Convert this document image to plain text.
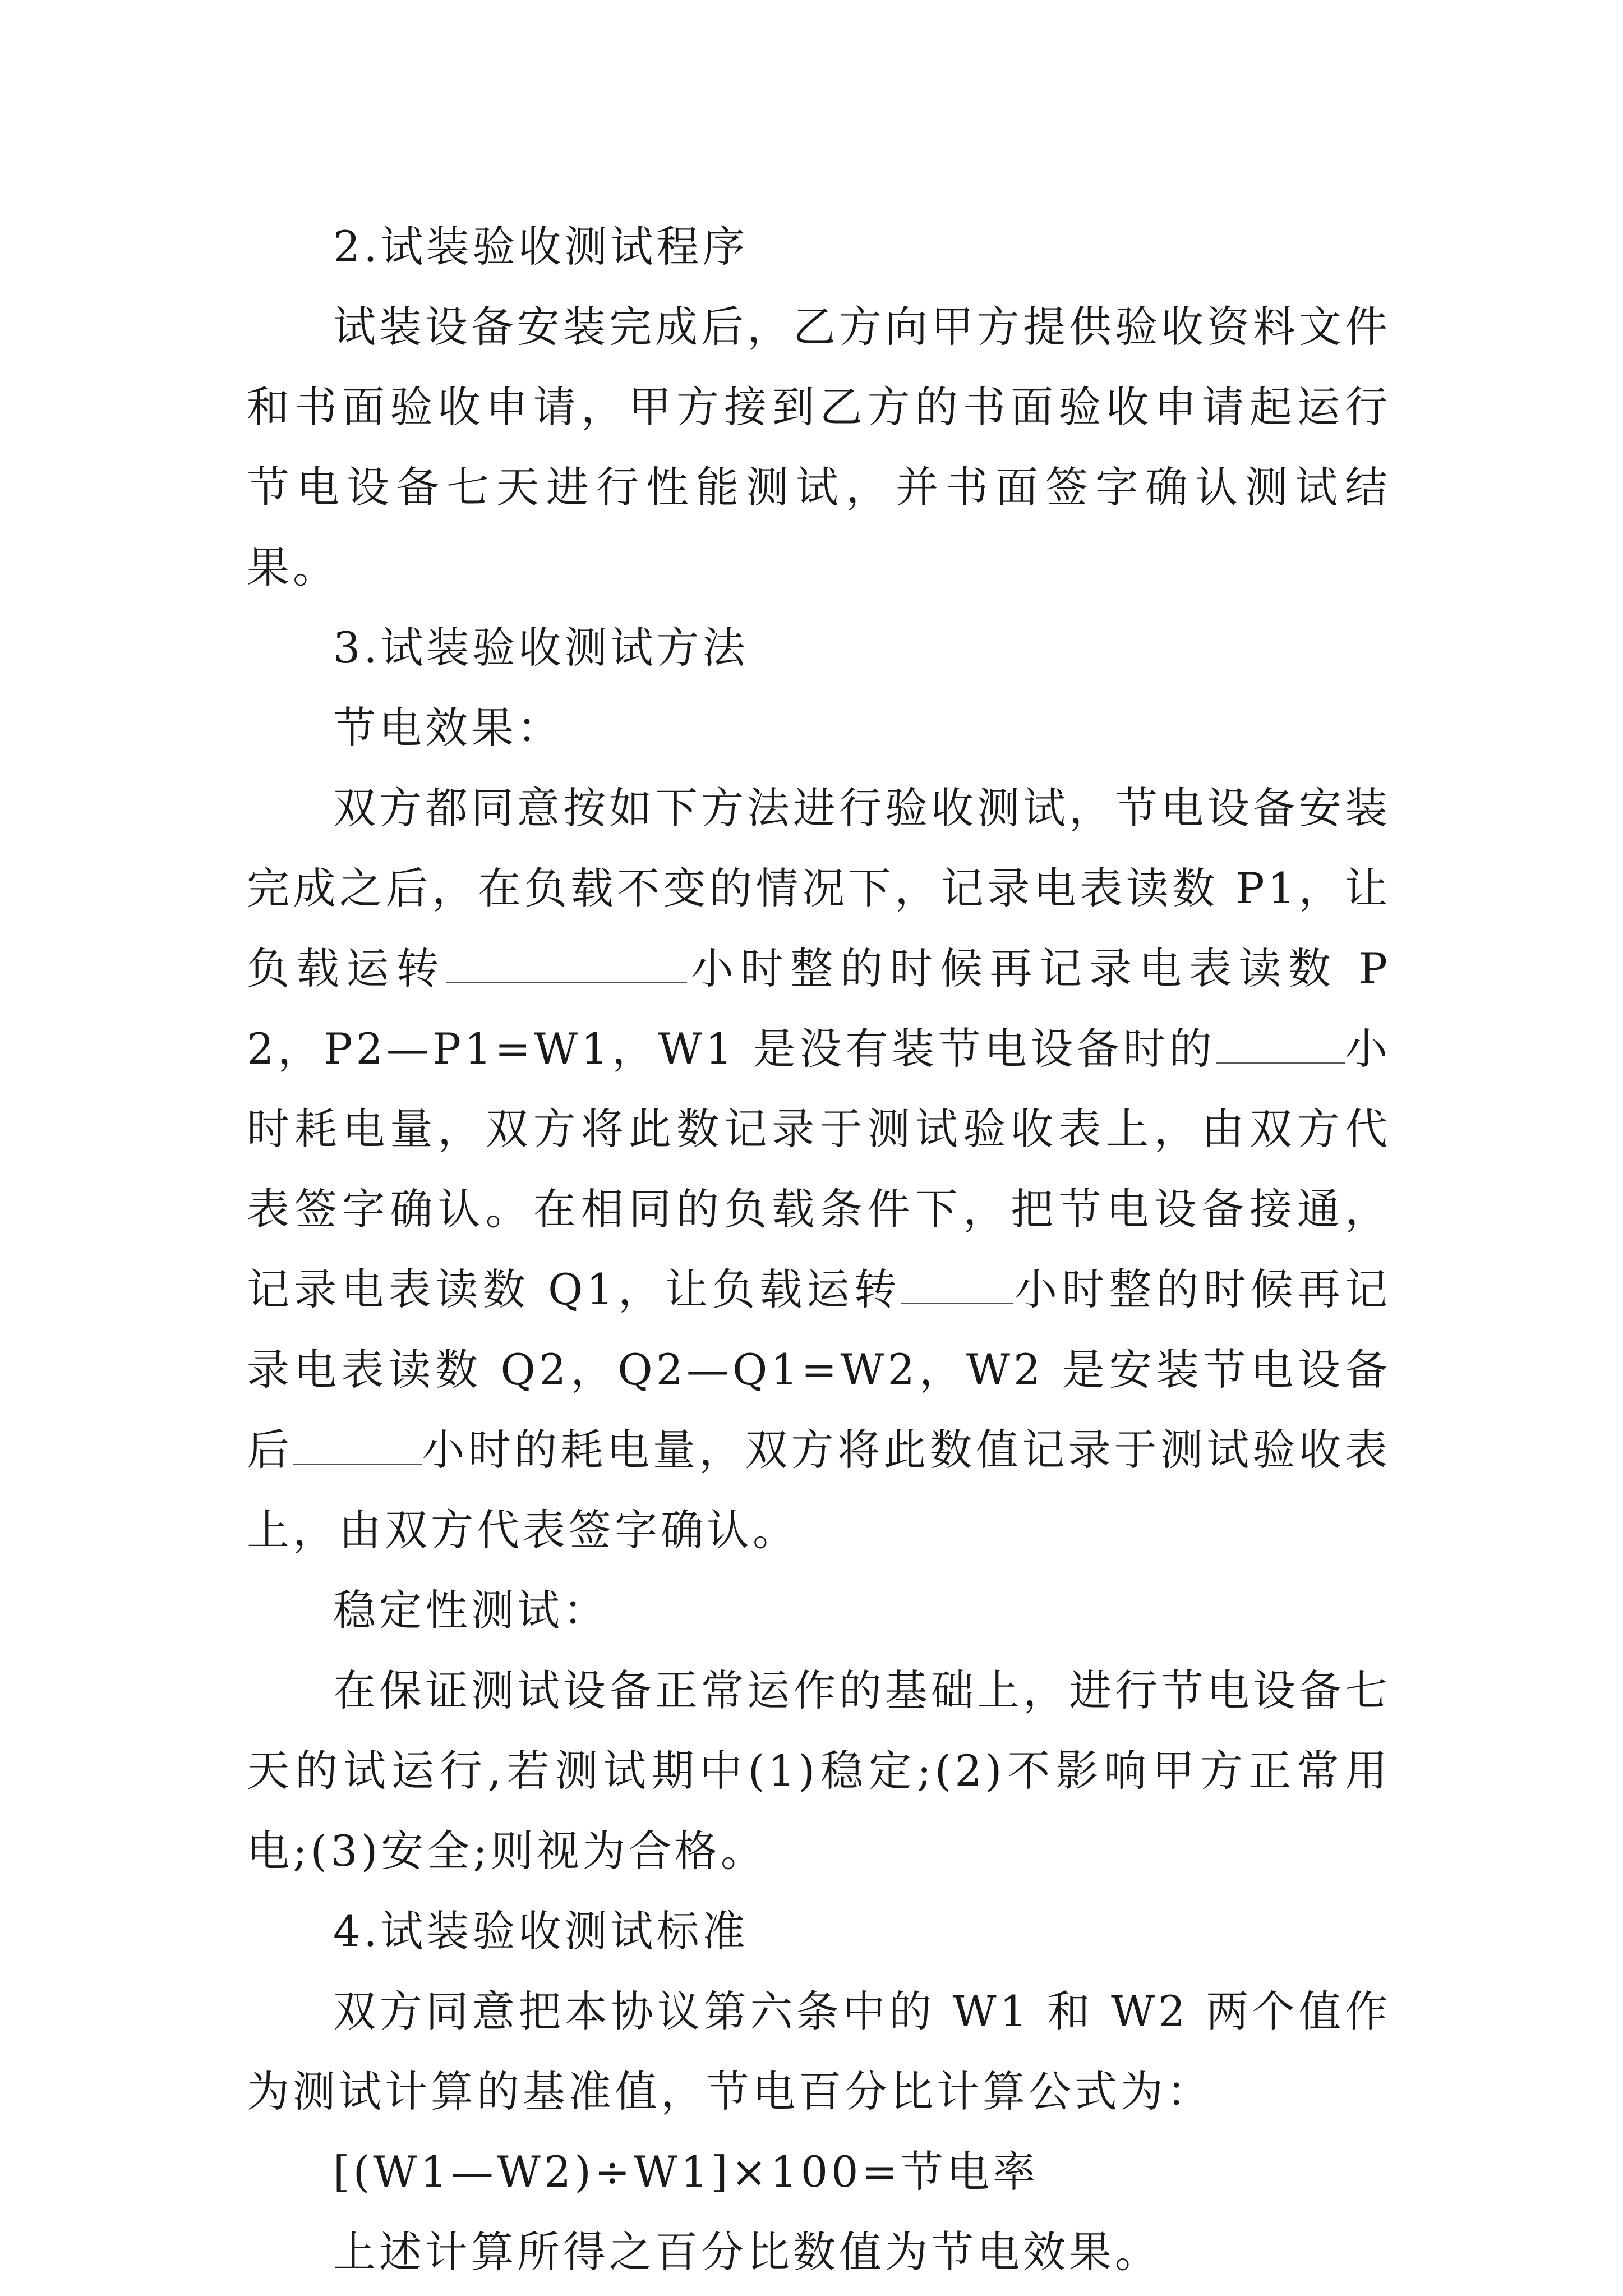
2.试装验收测试程序

试装设备安装完成后，乙方向甲方提供验收资料文件和书面验收申请，甲方接到乙方的书面验收申请起运行节电设备七天进行性能测试，并书面签字确认测试结果。

3.试装验收测试方法

节电效果：

双方都同意按如下方法进行验收测试，节电设备安装完成之后，在负载不变的情况下，记录电表读数 P1，让负载运转	小时整的时候再记录电表读数 P2，P2—P1=W1，W1 是没有装节电设备时的	小时耗电量，双方将此数记录于测试验收表上，由双方代表签字确认。在相同的负载条件下，把节电设备接通，记录电表读数 Q1，让负载运转	小时整的时候再记录电表读数 Q2，Q2—Q1=W2，W2 是安装节电设备后	小时的耗电量，双方将此数值记录于测试验收表上，由双方代表签字确认。

稳定性测试：

在保证测试设备正常运作的基础上，进行节电设备七天的试运行,若测试期中(1)稳定;(2)不影响甲方正常用电;(3)安全;则视为合格。

4.试装验收测试标准

双方同意把本协议第六条中的 W1 和 W2 两个值作为测试计算的基准值，节电百分比计算公式为：

[(W1—W2)÷W1]×100=节电率

上述计算所得之百分比数值为节电效果。
